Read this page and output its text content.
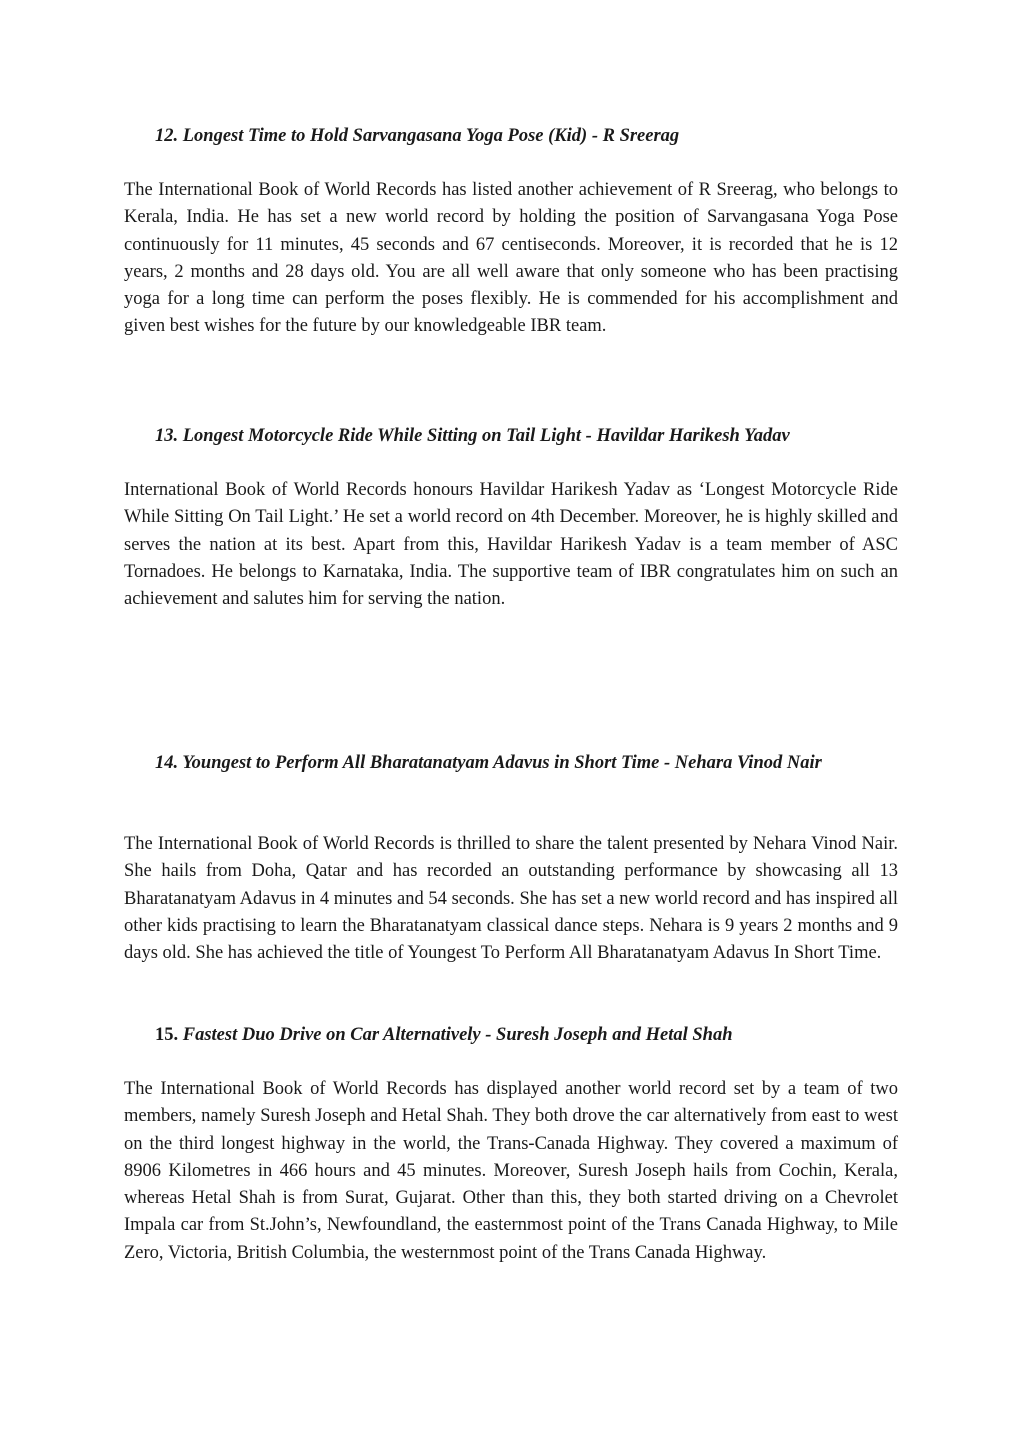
12. Longest Time to Hold Sarvangasana Yoga Pose (Kid) - R Sreerag

The International Book of World Records has listed another achievement of R Sreerag, who belongs to Kerala, India. He has set a new world record by holding the position of Sarvangasana Yoga Pose continuously for 11 minutes, 45 seconds and 67 centiseconds. Moreover, it is recorded that he is 12 years, 2 months and 28 days old. You are all well aware that only someone who has been practising yoga for a long time can perform the poses flexibly. He is commended for his accomplishment and given best wishes for the future by our knowledgeable IBR team.

13. Longest Motorcycle Ride While Sitting on Tail Light - Havildar Harikesh Yadav

International Book of World Records honours Havildar Harikesh Yadav as ‘Longest Motorcycle Ride While Sitting On Tail Light.’ He set a world record on 4th December. Moreover, he is highly skilled and serves the nation at its best. Apart from this, Havildar Harikesh Yadav is a team member of ASC Tornadoes. He belongs to Karnataka, India. The supportive team of IBR congratulates him on such an achievement and salutes him for serving the nation.

14. Youngest to Perform All Bharatanatyam Adavus in Short Time - Nehara Vinod Nair

The International Book of World Records is thrilled to share the talent presented by Nehara Vinod Nair. She hails from Doha, Qatar and has recorded an outstanding performance by showcasing all 13 Bharatanatyam Adavus in 4 minutes and 54 seconds. She has set a new world record and has inspired all other kids practising to learn the Bharatanatyam classical dance steps. Nehara is 9 years 2 months and 9 days old. She has achieved the title of Youngest To Perform All Bharatanatyam Adavus In Short Time.

15. Fastest Duo Drive on Car Alternatively - Suresh Joseph and Hetal Shah

The International Book of World Records has displayed another world record set by a team of two members, namely Suresh Joseph and Hetal Shah. They both drove the car alternatively from east to west on the third longest highway in the world, the Trans-Canada Highway. They covered a maximum of 8906 Kilometres in 466 hours and 45 minutes. Moreover, Suresh Joseph hails from Cochin, Kerala, whereas Hetal Shah is from Surat, Gujarat. Other than this, they both started driving on a Chevrolet Impala car from St.John’s, Newfoundland, the easternmost point of the Trans Canada Highway, to Mile Zero, Victoria, British Columbia, the westernmost point of the Trans Canada Highway.
